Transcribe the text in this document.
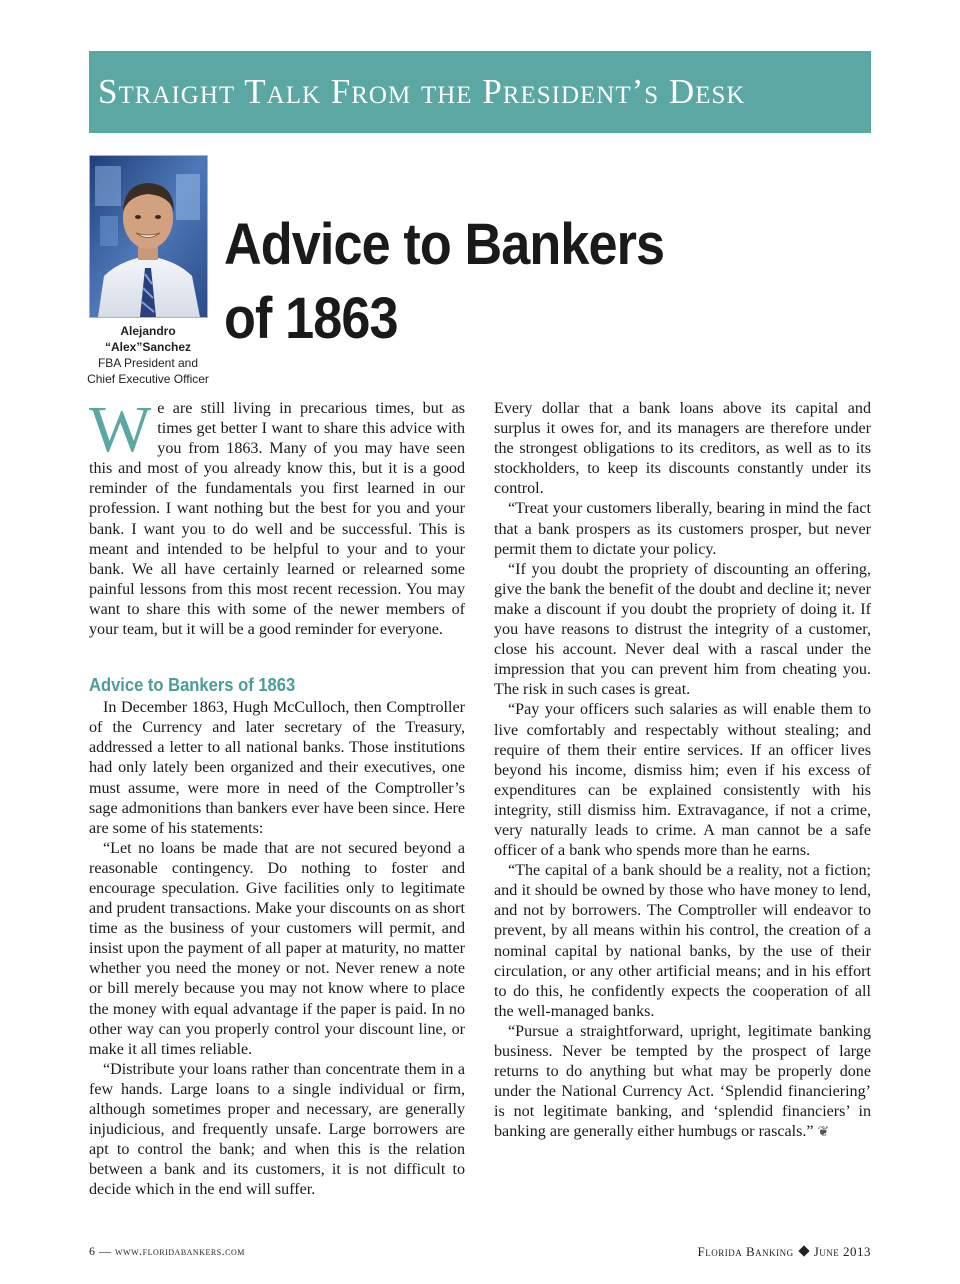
Straight Talk From the President’s Desk
Alejandro
“Alex”Sanchez
FBA President and
Chief Executive Officer
Advice to Bankers
of 1863

We are still living in precarious times, but as times get better I want to share this advice with you from 1863. Many of you may have seen this and most of you already know this, but it is a good reminder of the fundamentals you first learned in our profession. I want nothing but the best for you and your bank. I want you to do well and be successful. This is meant and intended to be helpful to your and to your bank. We all have certainly learned or relearned some painful lessons from this most recent recession. You may want to share this with some of the newer members of your team, but it will be a good reminder for everyone.

Advice to Bankers of 1863

In December 1863, Hugh McCulloch, then Comptroller of the Currency and later secretary of the Treasury, addressed a letter to all national banks. Those institutions had only lately been organized and their executives, one must assume, were more in need of the Comptroller’s sage admonitions than bankers ever have been since. Here are some of his statements:

“Let no loans be made that are not secured beyond a reasonable contingency. Do nothing to foster and encourage speculation. Give facilities only to legitimate and prudent transactions. Make your discounts on as short time as the business of your customers will permit, and insist upon the payment of all paper at maturity, no matter whether you need the money or not. Never renew a note or bill merely because you may not know where to place the money with equal advantage if the paper is paid. In no other way can you properly control your discount line, or make it all times reliable.

“Distribute your loans rather than concentrate them in a few hands. Large loans to a single individual or firm, although sometimes proper and necessary, are generally injudicious, and frequently unsafe. Large borrowers are apt to control the bank; and when this is the relation between a bank and its customers, it is not difficult to decide which in the end will suffer.

Every dollar that a bank loans above its capital and surplus it owes for, and its managers are therefore under the strongest obligations to its creditors, as well as to its stockholders, to keep its discounts constantly under its control.

“Treat your customers liberally, bearing in mind the fact that a bank prospers as its customers prosper, but never permit them to dictate your policy.

“If you doubt the propriety of discounting an offering, give the bank the benefit of the doubt and decline it; never make a discount if you doubt the propriety of doing it. If you have reasons to distrust the integrity of a customer, close his account. Never deal with a rascal under the impression that you can prevent him from cheating you. The risk in such cases is great.

“Pay your officers such salaries as will enable them to live comfortably and respectably without stealing; and require of them their entire services. If an officer lives beyond his income, dismiss him; even if his excess of expenditures can be explained consistently with his integrity, still dismiss him. Extravagance, if not a crime, very naturally leads to crime. A man cannot be a safe officer of a bank who spends more than he earns.

“The capital of a bank should be a reality, not a fiction; and it should be owned by those who have money to lend, and not by borrowers. The Comptroller will endeavor to prevent, by all means within his control, the creation of a nominal capital by national banks, by the use of their circulation, or any other artificial means; and in his effort to do this, he confidently expects the cooperation of all the well-managed banks.

“Pursue a straightforward, upright, legitimate banking business. Never be tempted by the prospect of large returns to do anything but what may be properly done under the National Currency Act. ‘Splendid financiering’ is not legitimate banking, and ‘splendid financiers’ in banking are generally either humbugs or rascals.” ❦

6 — www.floridabankers.com	Florida Banking June 2013
